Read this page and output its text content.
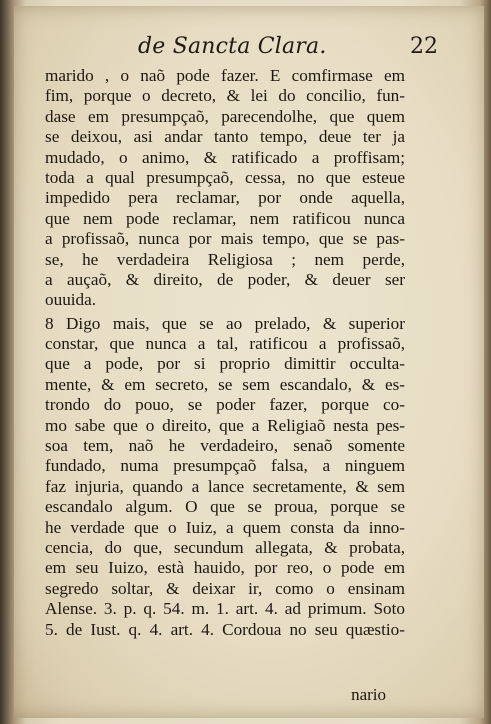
de Sancta Clara.	22
marido , o naõ pode fazer. E comfirmase em
fim, porque o decreto, & lei do concilio, fun-
dase em presumpçaõ, parecendolhe, que quem
se deixou, asi andar tanto tempo, deue ter ja
mudado, o animo, & ratificado a proffisam;
toda a qual presumpçaõ, cessa, no que esteue
impedido pera reclamar, por onde aquella,
que nem pode reclamar, nem ratificou nunca
a profissaõ, nunca por mais tempo, que se pas-
se, he verdadeira Religiosa ; nem perde,
a auçaõ, & direito, de poder, & deuer ser
ouuida.
8 Digo mais, que se ao prelado, & superior
constar, que nunca a tal, ratificou a profissaõ,
que a pode, por si proprio dimittir occulta-
mente, & em secreto, se sem escandalo, & es-
trondo do pouo, se poder fazer, porque co-
mo sabe que o direito, que a Religiaõ nesta pes-
soa tem, naõ he verdadeiro, senaõ somente
fundado, numa presumpçaõ falsa, a ninguem
faz injuria, quando a lance secretamente, & sem
escandalo algum. O que se proua, porque se
he verdade que o Iuiz, a quem consta da inno-
cencia, do que, secundum allegata, & probata,
em seu Iuizo, està hauido, por reo, o pode em
segredo soltar, & deixar ir, como o ensinam
Alense. 3. p. q. 54. m. 1. art. 4. ad primum. Soto
5. de Iust. q. 4. art. 4. Cordoua no seu quæstio-
nario
